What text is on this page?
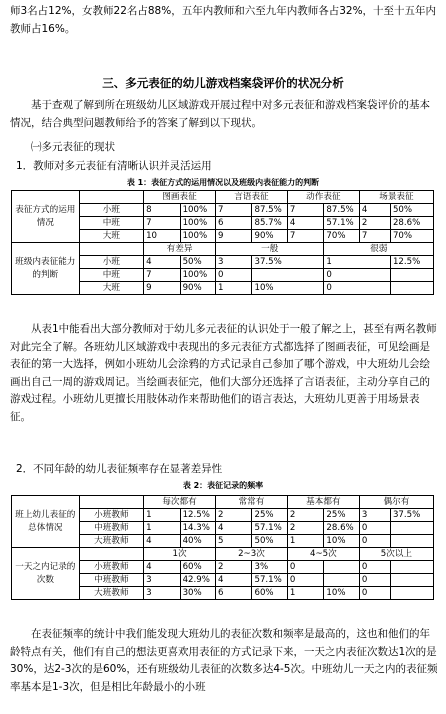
师3名占12%，女教师22名占88%，五年内教师和六至九年内教师各占32%，十至十五年内教师占16%。

三、多元表征的幼儿游戏档案袋评价的状况分析

基于查观了解到所在班级幼儿区域游戏开展过程中对多元表征和游戏档案袋评价的基本情况，结合典型问题教师给予的答案了解到以下现状。

㈠多元表征的现状

1．教师对多元表征有清晰认识并灵活运用

表 1：表征方式的运用情况以及班级内表征能力的判断
表征方式的运用情况		图画表征		言语表征		动作表征		场景表征	
	小班	8	100%	7	87.5%	7	87.5%	4	50%
	中班	7	100%	6	85.7%	4	57.1%	2	28.6%
	大班	10	100%	9	90%	7	70%	7	70%
班级内表征能力的判断		有差异		一般			很弱		
	小班	4	50%	3	37.5%		1		12.5%
	中班	7	100%	0			0		
	大班	9	90%	1	10%		0		

从表1中能看出大部分教师对于幼儿多元表征的认识处于一般了解之上，甚至有两名教师对此完全了解。各班幼儿区域游戏中表现出的多元表征方式都选择了图画表征，可见绘画是表征的第一大选择，例如小班幼儿会涂鸦的方式记录自己参加了哪个游戏，中大班幼儿会绘画出自己一周的游戏周记。当绘画表征完，他们大部分还选择了言语表征，主动分享自己的游戏过程。小班幼儿更擅长用肢体动作来帮助他们的语言表达，大班幼儿更善于用场景表征。

2．不同年龄的幼儿表征频率存在显著差异性

表 2：表征记录的频率
班上幼儿表征的总体情况		每次都有		常常有		基本都有		偶尔有	
	小班教师	1	12.5%	2	25%	2	25%	3	37.5%
	中班教师	1	14.3%	4	57.1%	2	28.6%	0	
	大班教师	4	40%	5	50%	1	10%	0	
一天之内记录的次数		1次		2~3次		4~5次		5次以上	
	小班教师	4	60%	2	3%	0		0	
	中班教师	3	42.9%	4	57.1%	0		0	
	大班教师	3	30%	6	60%	1	10%	0	

在表征频率的统计中我们能发现大班幼儿的表征次数和频率是最高的，这也和他们的年龄特点有关，他们有自己的想法更喜欢用表征的方式记录下来，一天之内表征次数达1次的是30%，达2-3次的是60%，还有班级幼儿表征的次数多达4-5次。中班幼儿一天之内的表征频率基本是1-3次，但是相比年龄最小的小班
